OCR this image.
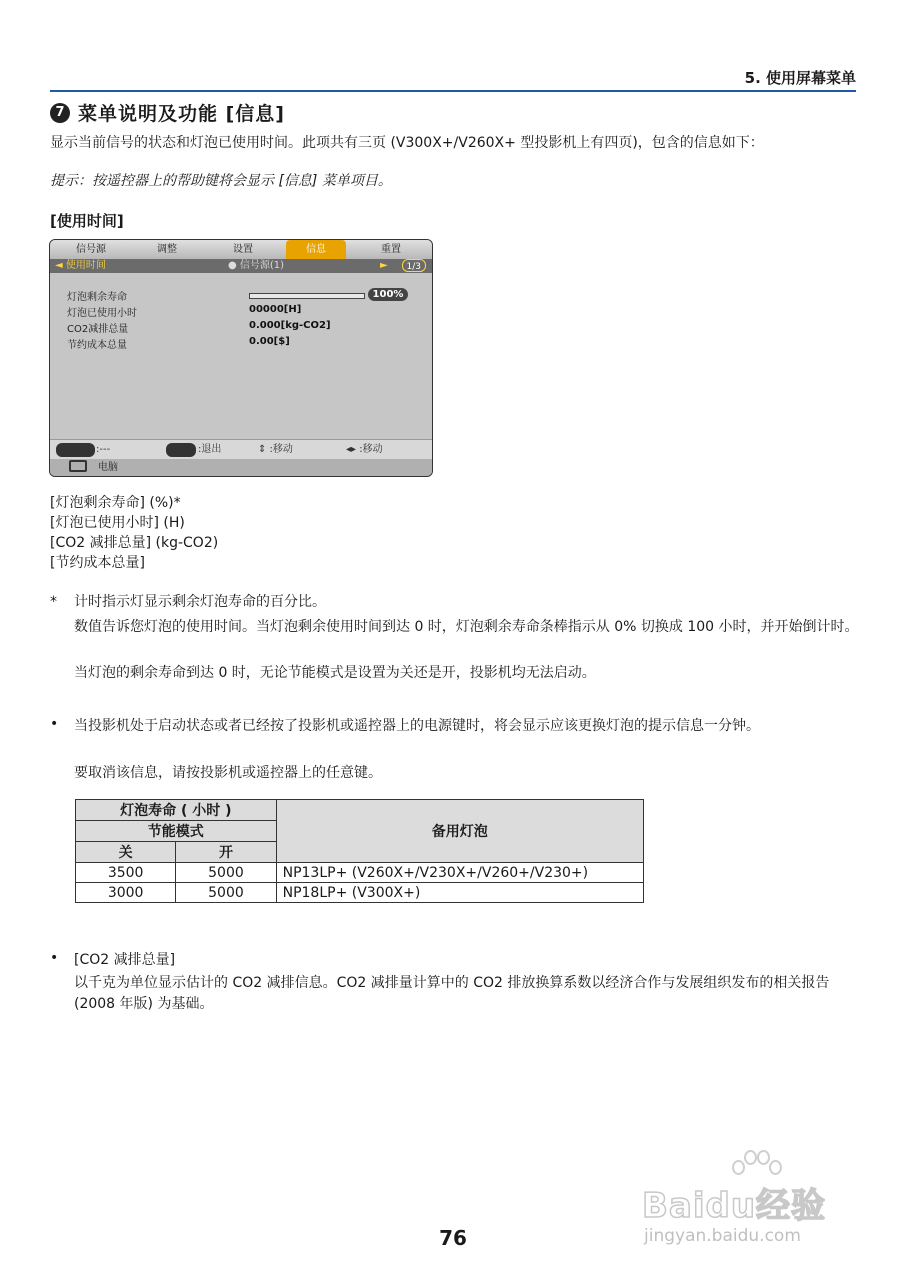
5. 使用屏幕菜单
7 菜单说明及功能 [信息]
显示当前信号的状态和灯泡已使用时间。此项共有三页 (V300X+/V260X+ 型投影机上有四页)，包含的信息如下：
提示：按遥控器上的帮助键将会显示 [信息] 菜单项目。
[使用时间]
信号源	调整	设置	信息	重置
◄ 使用时间	● 信号源(1)	►	1/3
灯泡剩余寿命	100%
灯泡已使用小时	00000[H]
CO2减排总量	0.000[kg-CO2]
节约成本总量	0.00[$]
ENTER :---	EXIT :退出	⇕ :移动	◂▸ :移动
电脑
[灯泡剩余寿命] (%)*
[灯泡已使用小时] (H)
[CO2 减排总量] (kg-CO2)
[节约成本总量]
* 计时指示灯显示剩余灯泡寿命的百分比。
数值告诉您灯泡的使用时间。当灯泡剩余使用时间到达 0 时，灯泡剩余寿命条棒指示从 0% 切换成 100 小时，并开始倒计时。
当灯泡的剩余寿命到达 0 时，无论节能模式是设置为关还是开，投影机均无法启动。
• 当投影机处于启动状态或者已经按了投影机或遥控器上的电源键时，将会显示应该更换灯泡的提示信息一分钟。
要取消该信息，请按投影机或遥控器上的任意键。
灯泡寿命 ( 小时 )		备用灯泡
节能模式		
关	开	
3500	5000	NP13LP+ (V260X+/V230X+/V260+/V230+)
3000	5000	NP18LP+ (V300X+)
• [CO2 减排总量]
以千克为单位显示估计的 CO2 减排信息。CO2 减排量计算中的 CO2 排放换算系数以经济合作与发展组织发布的相关报告 (2008 年版) 为基础。
76
Baidu经验
jingyan.baidu.com
